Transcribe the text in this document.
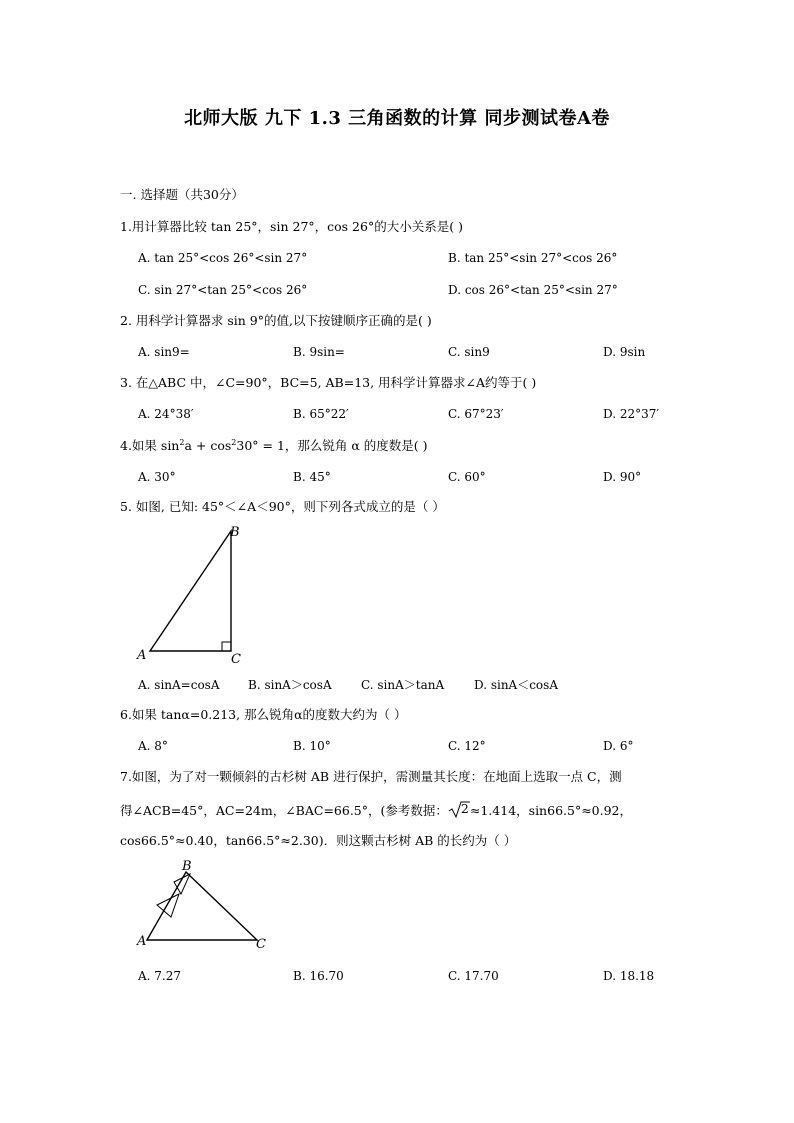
北师大版 九下 1.3 三角函数的计算 同步测试卷A卷
一. 选择题（共30分）
1.用计算器比较 tan 25°，sin 27°，cos 26°的大小关系是( )
A. tan 25°<cos 26°<sin 27°	B. tan 25°<sin 27°<cos 26°
C. sin 27°<tan 25°<cos 26°	D. cos 26°<tan 25°<sin 27°
2. 用科学计算器求 sin 9°的值,以下按键顺序正确的是( )
A. sin9=	B. 9sin=	C. sin9	D. 9sin
3. 在△ABC 中，∠C=90°，BC=5, AB=13, 用科学计算器求∠A约等于( )
A. 24°38′	B. 65°22′	C. 67°23′	D. 22°37′
4.如果 $\sin^2a + \cos^230^\circ = 1$，那么锐角 α 的度数是( )
A. 30°	B. 45°	C. 60°	D. 90°
5. 如图, 已知: 45°＜∠A＜90°，则下列各式成立的是（ ）
A
B
C
A. sinA=cosA B. sinA＞cosA C. sinA＞tanA D. sinA＜cosA
6.如果 tanα=0.213, 那么锐角α的度数大约为（ ）
A. 8°	B. 10°	C. 12°	D. 6°
7.如图，为了对一颗倾斜的古杉树 AB 进行保护，需测量其长度：在地面上选取一点 C，测
得∠ACB=45°，AC=24m，∠BAC=66.5°，(参考数据： 2 ≈1.414，sin66.5°≈0.92，
cos66.5°≈0.40，tan66.5°≈2.30)．则这颗古杉树 AB 的长约为（ ）
A
B
C
A. 7.27	B. 16.70	C. 17.70	D. 18.18
